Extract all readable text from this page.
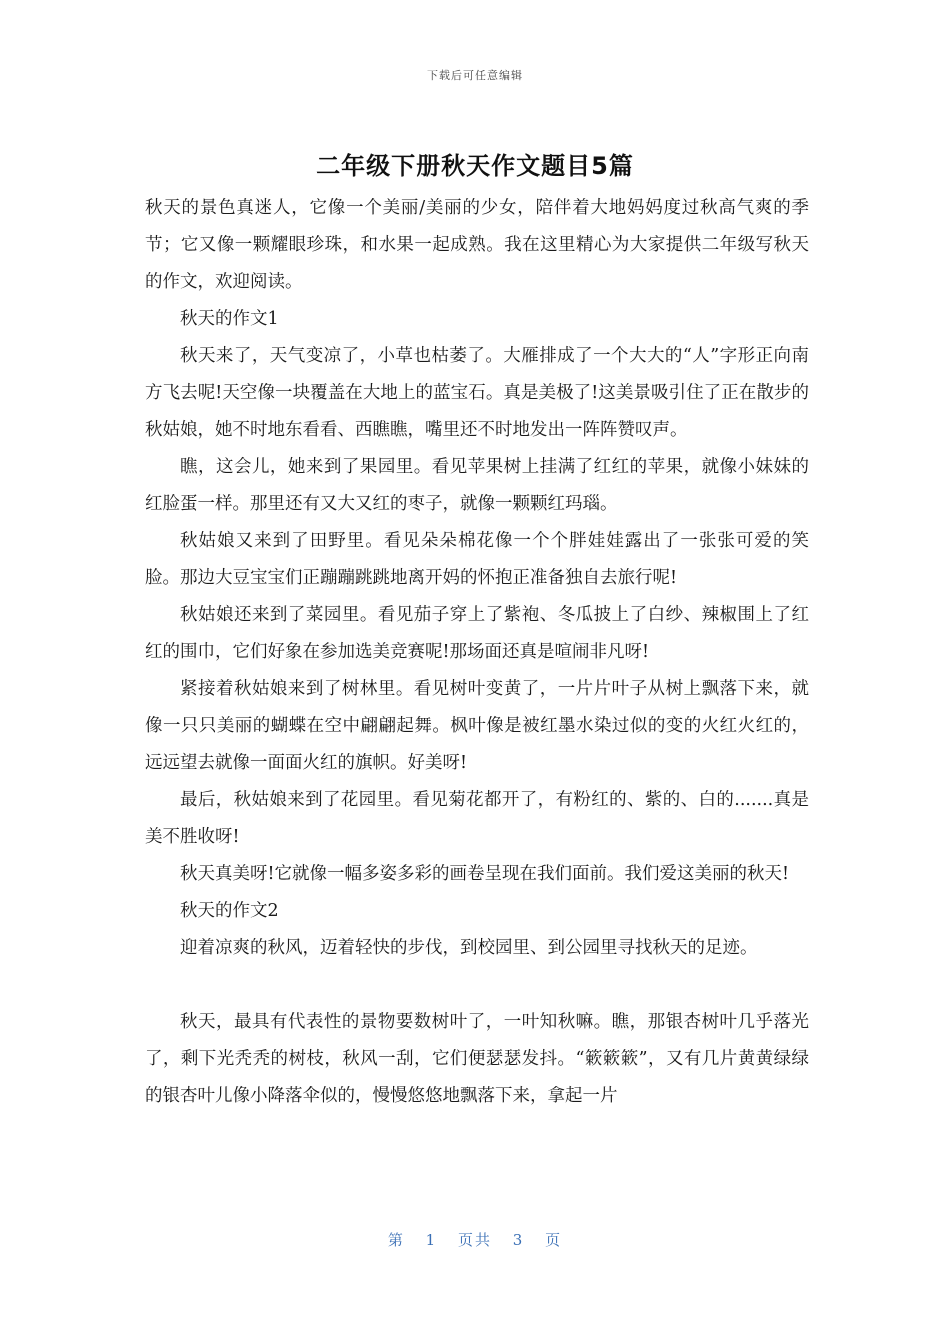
下载后可任意编辑
二年级下册秋天作文题目5篇

秋天的景色真迷人，它像一个美丽/美丽的少女，陪伴着大地妈妈度过秋高气爽的季节；它又像一颗耀眼珍珠，和水果一起成熟。我在这里精心为大家提供二年级写秋天的作文，欢迎阅读。

秋天的作文1

秋天来了，天气变凉了，小草也枯萎了。大雁排成了一个大大的“人”字形正向南方飞去呢!天空像一块覆盖在大地上的蓝宝石。真是美极了!这美景吸引住了正在散步的秋姑娘，她不时地东看看、西瞧瞧，嘴里还不时地发出一阵阵赞叹声。

瞧，这会儿，她来到了果园里。看见苹果树上挂满了红红的苹果，就像小妹妹的红脸蛋一样。那里还有又大又红的枣子，就像一颗颗红玛瑙。

秋姑娘又来到了田野里。看见朵朵棉花像一个个胖娃娃露出了一张张可爱的笑脸。那边大豆宝宝们正蹦蹦跳跳地离开妈的怀抱正准备独自去旅行呢!

秋姑娘还来到了菜园里。看见茄子穿上了紫袍、冬瓜披上了白纱、辣椒围上了红红的围巾，它们好象在参加选美竞赛呢!那场面还真是喧闹非凡呀!

紧接着秋姑娘来到了树林里。看见树叶变黄了，一片片叶子从树上飘落下来，就像一只只美丽的蝴蝶在空中翩翩起舞。枫叶像是被红墨水染过似的变的火红火红的，远远望去就像一面面火红的旗帜。好美呀!

最后，秋姑娘来到了花园里。看见菊花都开了，有粉红的、紫的、白的.......真是美不胜收呀!

秋天真美呀!它就像一幅多姿多彩的画卷呈现在我们面前。我们爱这美丽的秋天!

秋天的作文2

迎着凉爽的秋风，迈着轻快的步伐，到校园里、到公园里寻找秋天的足迹。

秋天，最具有代表性的景物要数树叶了，一叶知秋嘛。瞧，那银杏树叶几乎落光了，剩下光秃秃的树枝，秋风一刮，它们便瑟瑟发抖。“簌簌簌”，又有几片黄黄绿绿的银杏叶儿像小降落伞似的，慢慢悠悠地飘落下来，拿起一片

第 1 页共 3 页
